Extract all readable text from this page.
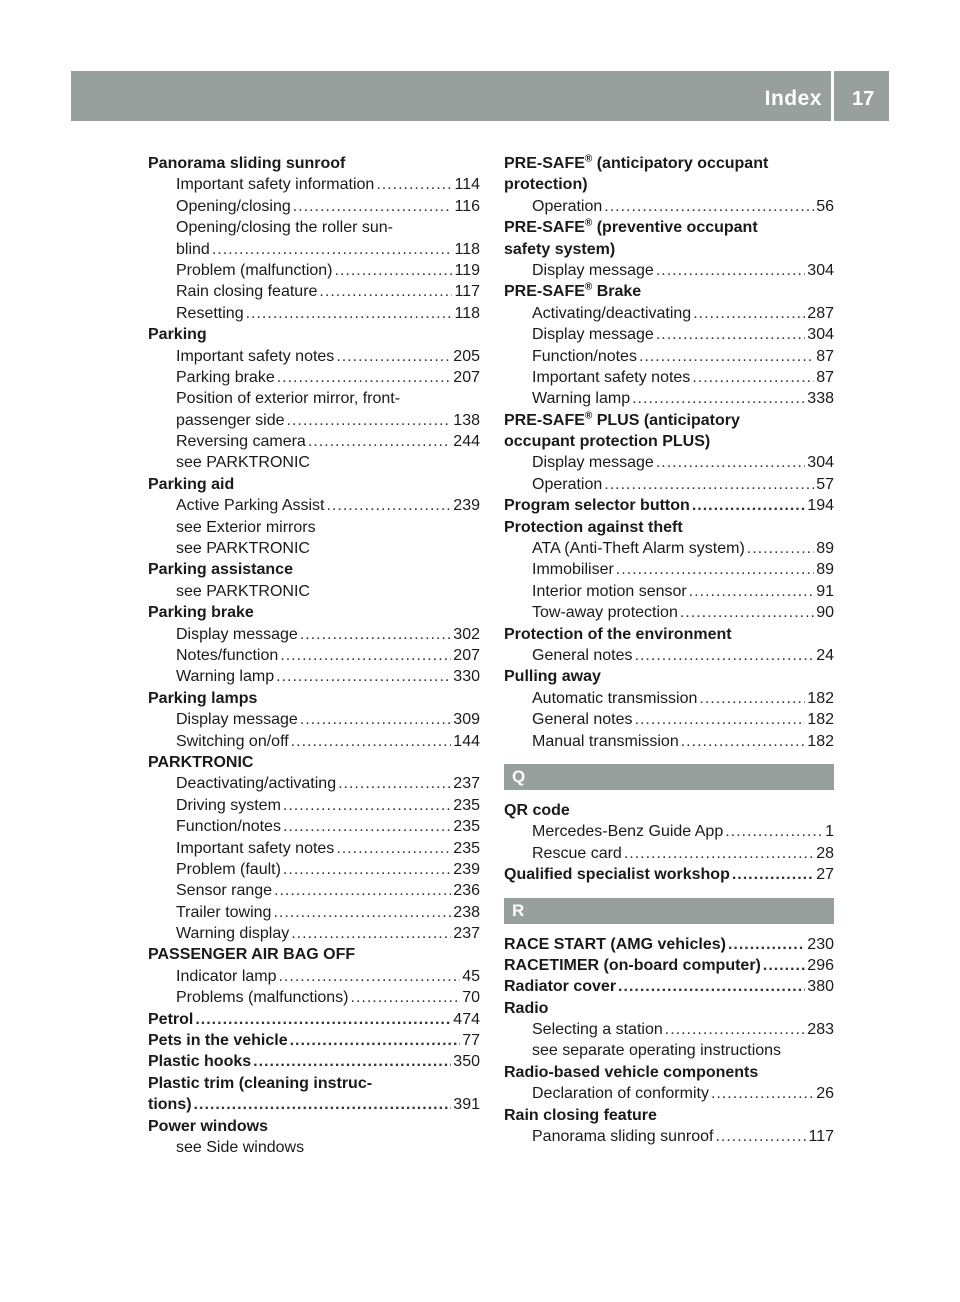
Index 17
Panorama sliding sunroof
Important safety information .....	114
Opening/closing .....	116
Opening/closing the roller sun-
blind .....	118
Problem (malfunction) .....	119
Rain closing feature .....	117
Resetting .....	118
Parking
Important safety notes .....	205
Parking brake .....	207
Position of exterior mirror, front-
passenger side .....	138
Reversing camera .....	244
see PARKTRONIC
Parking aid
Active Parking Assist .....	239
see Exterior mirrors
see PARKTRONIC
Parking assistance
see PARKTRONIC
Parking brake
Display message .....	302
Notes/function .....	207
Warning lamp .....	330
Parking lamps
Display message .....	309
Switching on/off .....	144
PARKTRONIC
Deactivating/activating .....	237
Driving system .....	235
Function/notes .....	235
Important safety notes .....	235
Problem (fault) .....	239
Sensor range .....	236
Trailer towing .....	238
Warning display .....	237
PASSENGER AIR BAG OFF
Indicator lamp .....	45
Problems (malfunctions) .....	70
Petrol .....	474
Pets in the vehicle .....	77
Plastic hooks .....	350
Plastic trim (cleaning instruc-
tions) .....	391
Power windows
see Side windows
PRE-SAFE® (anticipatory occupant
protection)
Operation .....	56
PRE-SAFE® (preventive occupant
safety system)
Display message .....	304
PRE-SAFE® Brake
Activating/deactivating .....	287
Display message .....	304
Function/notes .....	87
Important safety notes .....	87
Warning lamp .....	338
PRE-SAFE® PLUS (anticipatory
occupant protection PLUS)
Display message .....	304
Operation .....	57
Program selector button .....	194
Protection against theft
ATA (Anti-Theft Alarm system) .....	89
Immobiliser .....	89
Interior motion sensor .....	91
Tow-away protection .....	90
Protection of the environment
General notes .....	24
Pulling away
Automatic transmission .....	182
General notes .....	182
Manual transmission .....	182
Q
QR code
Mercedes-Benz Guide App .....	1
Rescue card .....	28
Qualified specialist workshop .....	27
R
RACE START (AMG vehicles) .....	230
RACETIMER (on-board computer) .....	296
Radiator cover .....	380
Radio
Selecting a station .....	283
see separate operating instructions
Radio-based vehicle components
Declaration of conformity .....	26
Rain closing feature
Panorama sliding sunroof .....	117
